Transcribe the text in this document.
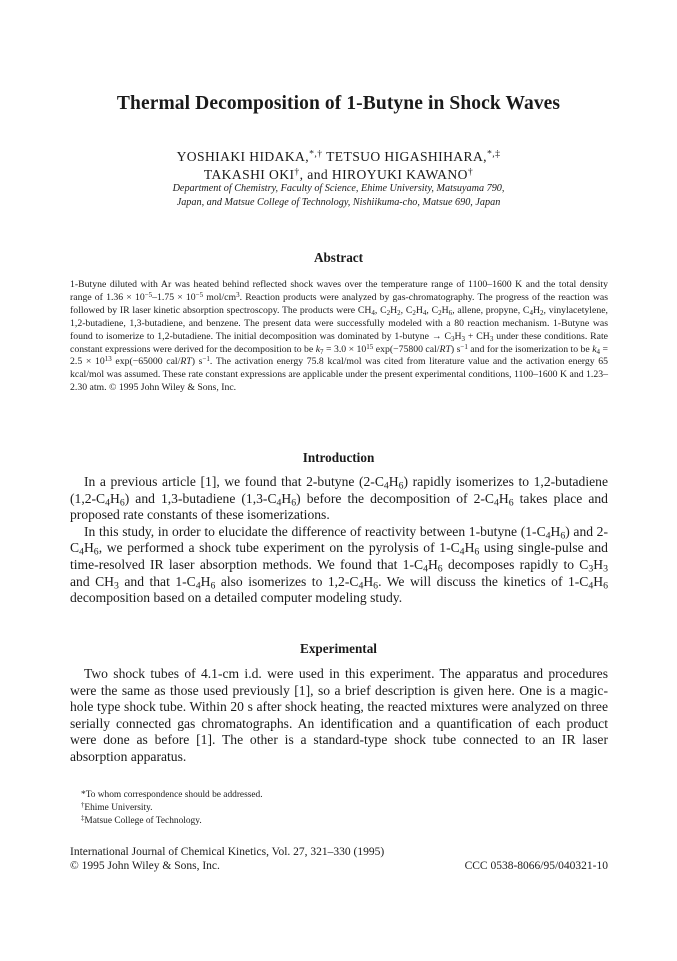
Thermal Decomposition of 1-Butyne in Shock Waves
YOSHIAKI HIDAKA,*,† TETSUO HIGASHIHARA,*,‡
TAKASHI OKI†, and HIROYUKI KAWANO†
Department of Chemistry, Faculty of Science, Ehime University, Matsuyama 790,
Japan, and Matsue College of Technology, Nishiikuma-cho, Matsue 690, Japan
Abstract
1-Butyne diluted with Ar was heated behind reflected shock waves over the temperature range of 1100–1600 K and the total density range of $1.36 \times 10^{-5}-1.75 \times 10^{-5}$ mol/$cm^3$. Reaction products were analyzed by gas-chromatography. The progress of the reaction was followed by IR laser kinetic absorption spectroscopy. The products were $CH_4$, $C_2H_2$, $C_2H_4$, $C_2H_6$, allene, propyne, $C_4H_2$, vinylacetylene, 1,2-butadiene, 1,3-butadiene, and benzene. The present data were successfully modeled with a 80 reaction mechanism. 1-Butyne was found to isomerize to 1,2-butadiene. The initial decomposition was dominated by 1-butyne → $C_3H_3 + CH_3$ under these conditions. Rate constant expressions were derived for the decomposition to be $k_7 = 3.0 \times 10^{15}$ exp(−75800 cal/RT) $s^{-1}$ and for the isomerization to be $k_4 = 2.5 \times 10^{13}$ exp(−65000 cal/RT) $s^{-1}$. The activation energy 75.8 kcal/mol was cited from literature value and the activation energy 65 kcal/mol was assumed. These rate constant expressions are applicable under the present experimental conditions, 1100–1600 K and 1.23–2.30 atm. © 1995 John Wiley & Sons, Inc.
Introduction

In a previous article [1], we found that 2-butyne $(2-C_4H_6)$ rapidly isomerizes to 1,2-butadiene $(1,2-C_4H_6)$ and 1,3-butadiene $(1,3-C_4H_6)$ before the decomposition of $2-C_4H_6$ takes place and proposed rate constants of these isomerizations.

In this study, in order to elucidate the difference of reactivity between 1-butyne $(1-C_4H_6)$ and $2-C_4H_6$, we performed a shock tube experiment on the pyrolysis of $1-C_4H_6$ using single-pulse and time-resolved IR laser absorption methods. We found that $1-C_4H_6$ decomposes rapidly to $C_3H_3$ and $CH_3$ and that $1-C_4H_6$ also isomerizes to $1,2-C_4H_6$. We will discuss the kinetics of $1-C_4H_6$ decomposition based on a detailed computer modeling study.

Experimental

Two shock tubes of 4.1-cm i.d. were used in this experiment. The apparatus and procedures were the same as those used previously [1], so a brief description is given here. One is a magic-hole type shock tube. Within 20 s after shock heating, the reacted mixtures were analyzed on three serially connected gas chromatographs. An identification and a quantification of each product were done as before [1]. The other is a standard-type shock tube connected to an IR laser absorption apparatus.

*To whom correspondence should be addressed.
†Ehime University.
‡Matsue College of Technology.
International Journal of Chemical Kinetics, Vol. 27, 321–330 (1995)
© 1995 John Wiley & Sons, Inc.	CCC 0538-8066/95/040321-10
